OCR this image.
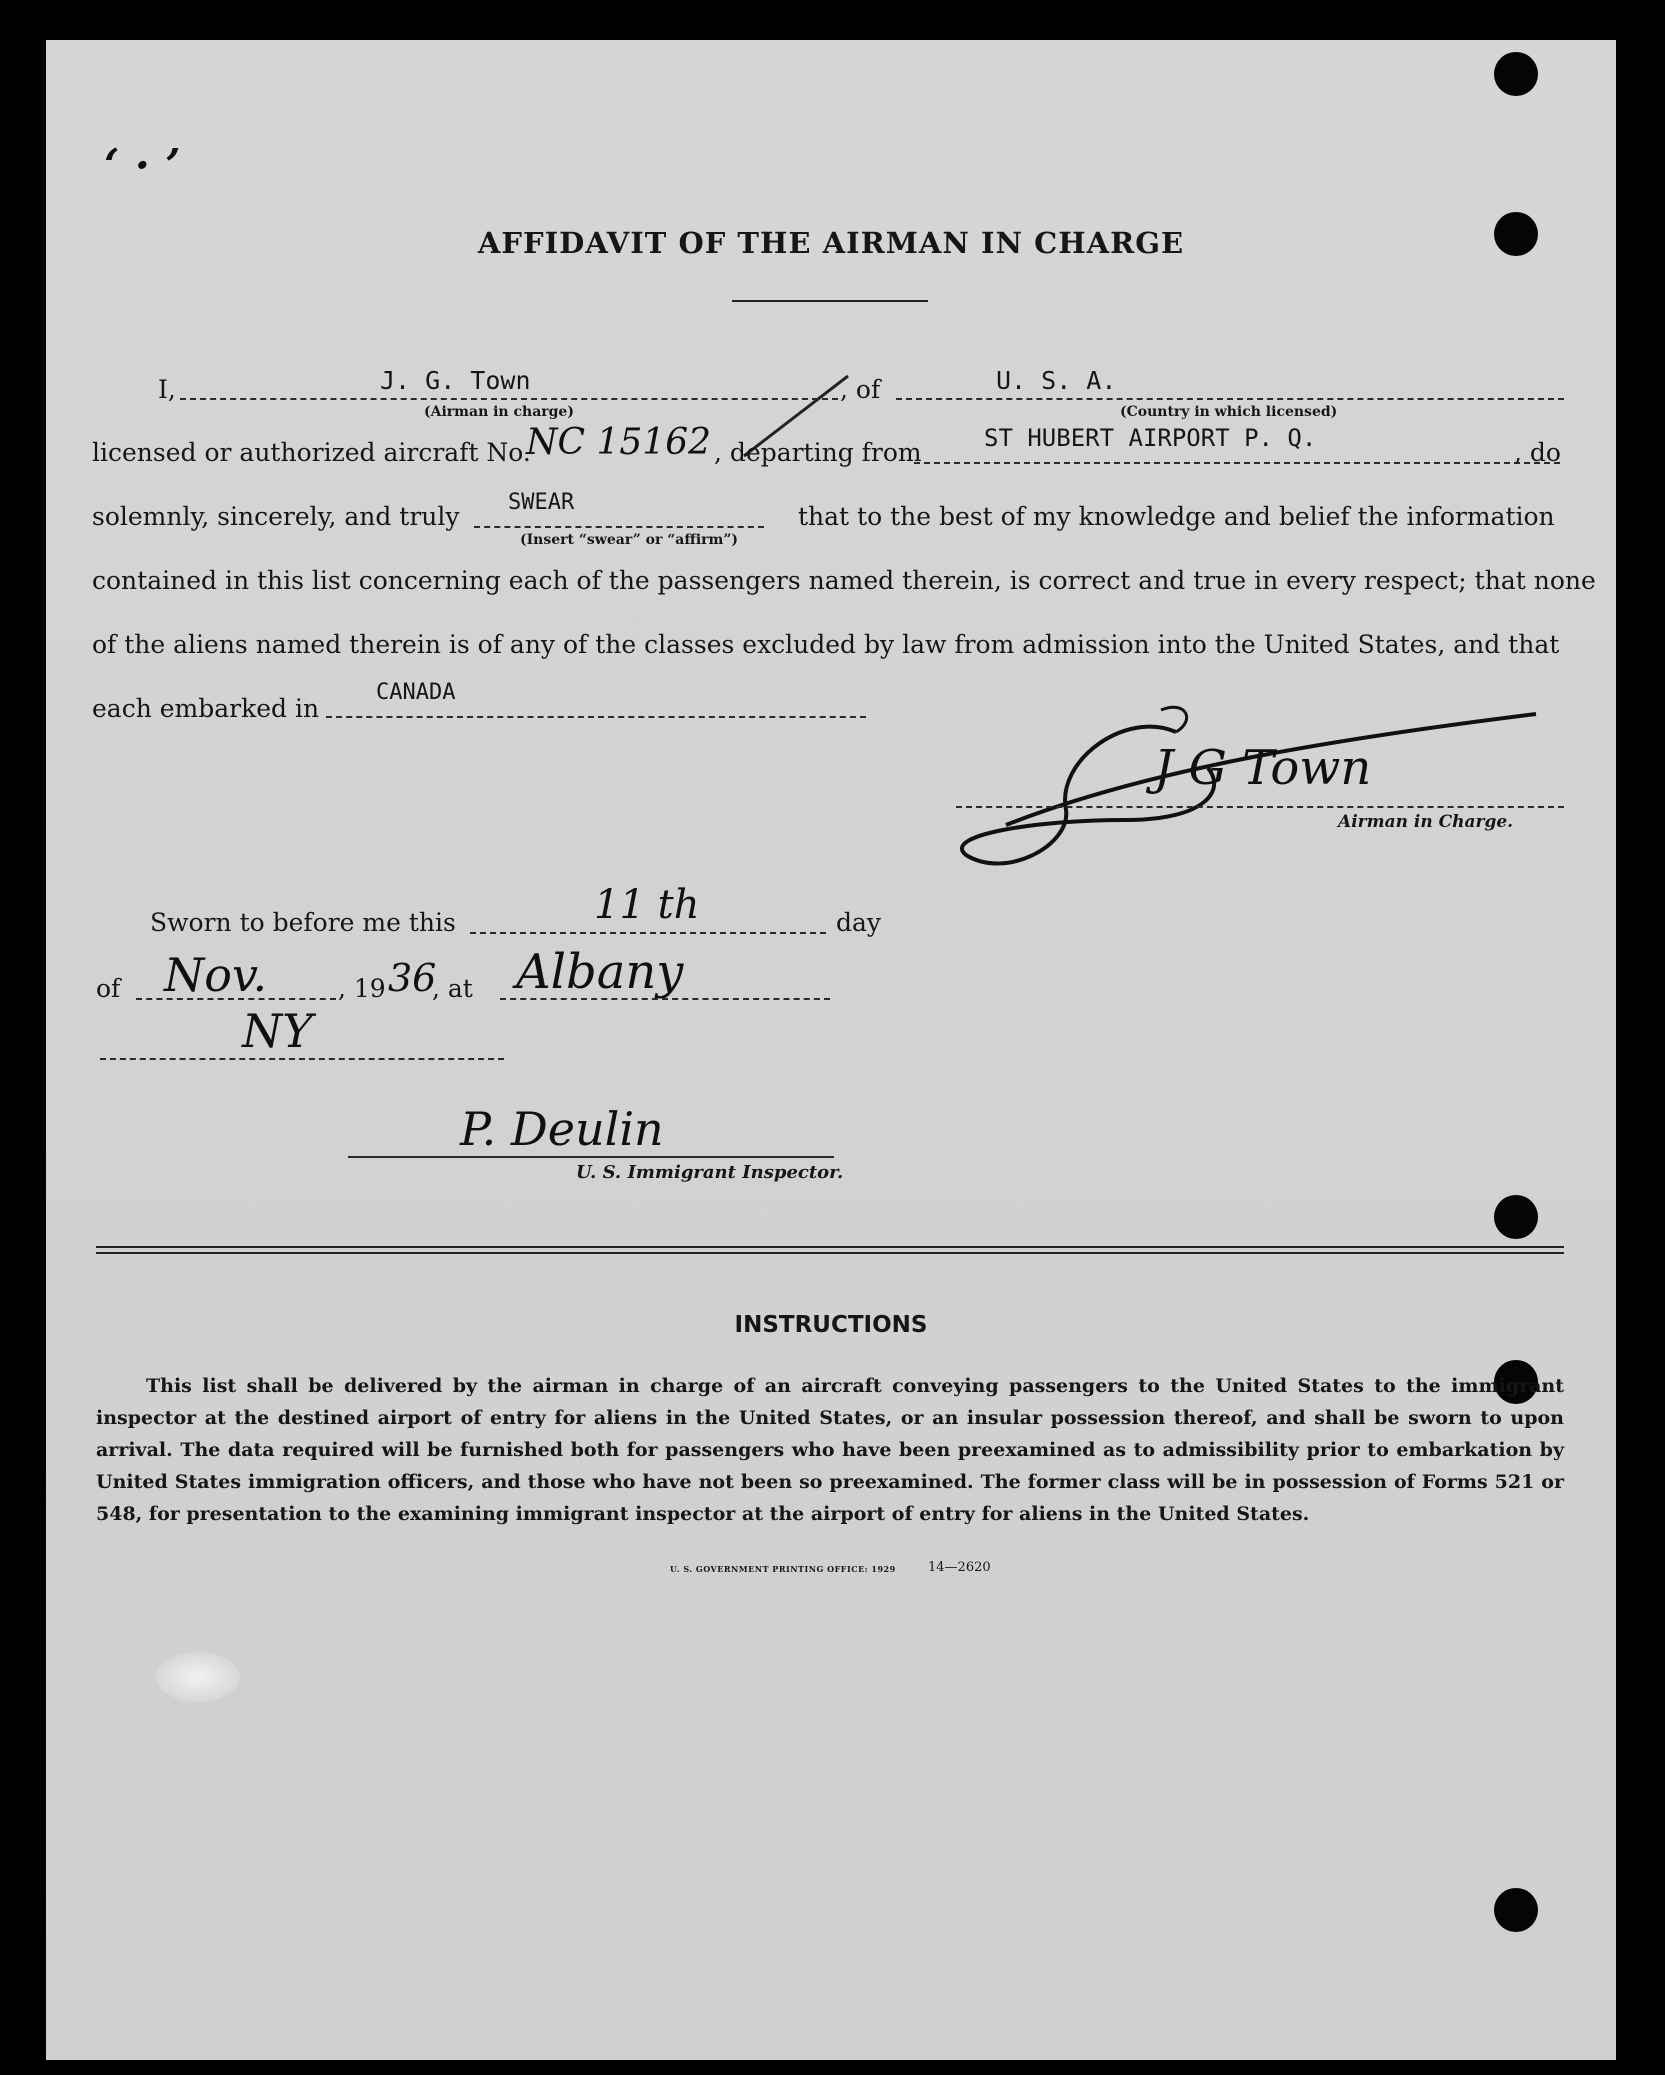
‘ · ’
AFFIDAVIT OF THE AIRMAN IN CHARGE
I,	J. G. Town
(Airman in charge)
, of	U. S. A.
(Country in which licensed)
licensed or authorized aircraft No.
NC 15162 , departing from	ST HUBERT AIRPORT P. Q.	, do
solemnly, sincerely, and truly SWEAR
(Insert “swear” or “affirm”)
that to the best of my knowledge and belief the information
contained in this list concerning each of the passengers named therein, is correct and true in every respect; that none
of the aliens named therein is of any of the classes excluded by law from admission into the United States, and that
each embarked in
CANADA
J G Town
Airman in Charge.
Sworn to before me this	11 th	day
of Nov.	, 19 36
, at Albany
NY
P. Deulin
U. S. Immigrant Inspector.
INSTRUCTIONS
This list shall be delivered by the airman in charge of an aircraft conveying passengers to the United States to the immigrant inspector at the destined airport of entry for aliens in the United States, or an insular possession thereof, and shall be sworn to upon arrival. The data required will be furnished both for passengers who have been preexamined as to admissibility prior to embarkation by United States immigration officers, and those who have not been so preexamined. The former class will be in possession of Forms 521 or 548, for presentation to the examining immigrant inspector at the airport of entry for aliens in the United States.
U. S. GOVERNMENT PRINTING OFFICE: 1929 14—2620
